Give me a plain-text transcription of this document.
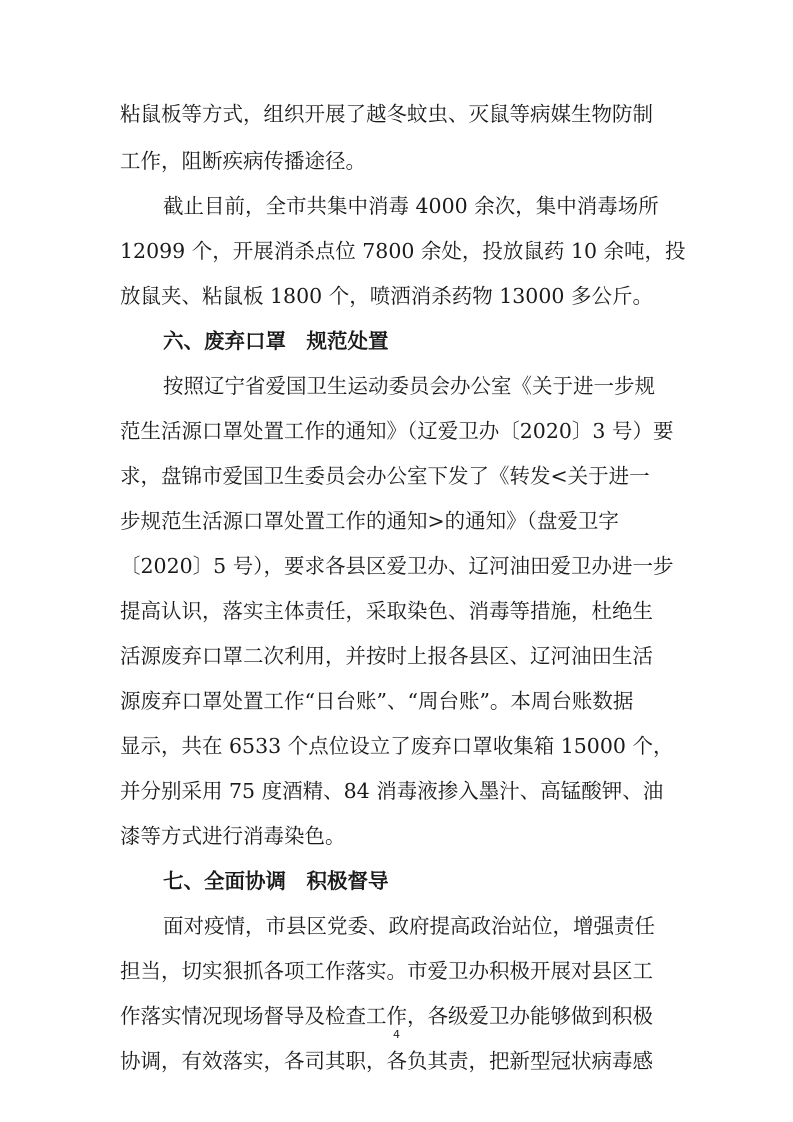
粘鼠板等方式，组织开展了越冬蚊虫、灭鼠等病媒生物防制
工作，阻断疾病传播途径。
截止目前，全市共集中消毒 4000 余次，集中消毒场所
12099 个，开展消杀点位 7800 余处，投放鼠药 10 余吨，投
放鼠夹、粘鼠板 1800 个，喷洒消杀药物 13000 多公斤。
六、废弃口罩　规范处置
按照辽宁省爱国卫生运动委员会办公室《关于进一步规
范生活源口罩处置工作的通知》（辽爱卫办〔2020〕3 号）要
求，盘锦市爱国卫生委员会办公室下发了《转发<关于进一
步规范生活源口罩处置工作的通知>的通知》（盘爱卫字
〔2020〕5 号），要求各县区爱卫办、辽河油田爱卫办进一步
提高认识，落实主体责任，采取染色、消毒等措施，杜绝生
活源废弃口罩二次利用，并按时上报各县区、辽河油田生活
源废弃口罩处置工作“日台账”、“周台账”。本周台账数据
显示，共在 6533 个点位设立了废弃口罩收集箱 15000 个，
并分别采用 75 度酒精、84 消毒液掺入墨汁、高锰酸钾、油
漆等方式进行消毒染色。
七、全面协调　积极督导
面对疫情，市县区党委、政府提高政治站位，增强责任
担当，切实狠抓各项工作落实。市爱卫办积极开展对县区工
作落实情况现场督导及检查工作，各级爱卫办能够做到积极
协调，有效落实，各司其职，各负其责，把新型冠状病毒感
4
